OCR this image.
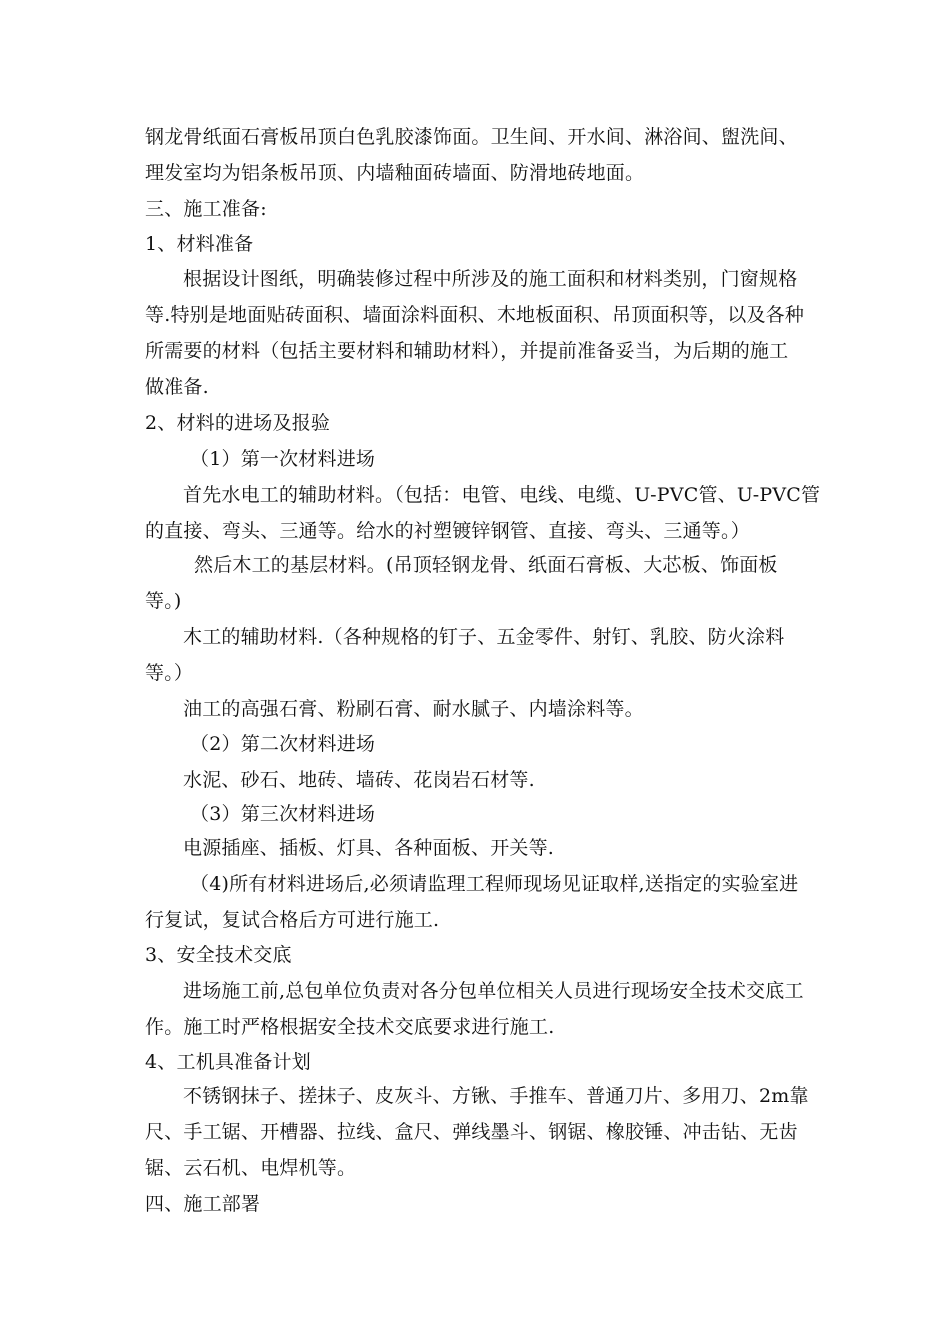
钢龙骨纸面石膏板吊顶白色乳胶漆饰面。卫生间、开水间、淋浴间、盥洗间、
理发室均为铝条板吊顶、内墙釉面砖墙面、防滑地砖地面。
三、施工准备:
1、材料准备
根据设计图纸，明确装修过程中所涉及的施工面积和材料类别，门窗规格
等.特别是地面贴砖面积、墙面涂料面积、木地板面积、吊顶面积等，以及各种
所需要的材料（包括主要材料和辅助材料），并提前准备妥当，为后期的施工
做准备.
2、材料的进场及报验
（1）第一次材料进场
首先水电工的辅助材料。（包括：电管、电线、电缆、U-PVC管、U-PVC管
的直接、弯头、三通等。给水的衬塑镀锌钢管、直接、弯头、三通等。）
然后木工的基层材料。(吊顶轻钢龙骨、纸面石膏板、大芯板、饰面板
等。)
木工的辅助材料.（各种规格的钉子、五金零件、射钉、乳胶、防火涂料
等。）
油工的高强石膏、粉刷石膏、耐水腻子、内墙涂料等。
（2）第二次材料进场
水泥、砂石、地砖、墙砖、花岗岩石材等.
（3）第三次材料进场
电源插座、插板、灯具、各种面板、开关等.
（4)所有材料进场后,必须请监理工程师现场见证取样,送指定的实验室进
行复试，复试合格后方可进行施工.
3、安全技术交底
进场施工前,总包单位负责对各分包单位相关人员进行现场安全技术交底工
作。施工时严格根据安全技术交底要求进行施工.
4、工机具准备计划
不锈钢抹子、搓抹子、皮灰斗、方锹、手推车、普通刀片、多用刀、2m靠
尺、手工锯、开槽器、拉线、盒尺、弹线墨斗、钢锯、橡胶锤、冲击钻、无齿
锯、云石机、电焊机等。
四、施工部署
